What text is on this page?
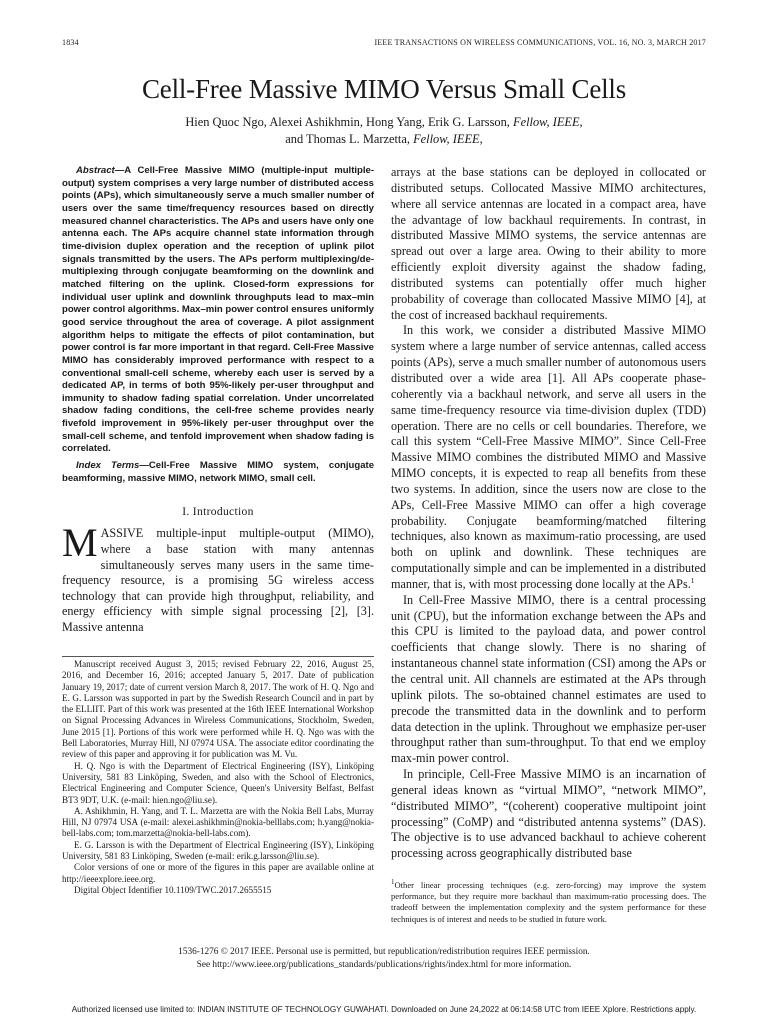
1834	IEEE TRANSACTIONS ON WIRELESS COMMUNICATIONS, VOL. 16, NO. 3, MARCH 2017
Cell-Free Massive MIMO Versus Small Cells
Hien Quoc Ngo, Alexei Ashikhmin, Hong Yang, Erik G. Larsson, Fellow, IEEE,
and Thomas L. Marzetta, Fellow, IEEE,

Abstract—A Cell-Free Massive MIMO (multiple-input multiple-output) system comprises a very large number of distributed access points (APs), which simultaneously serve a much smaller number of users over the same time/frequency resources based on directly measured channel characteristics. The APs and users have only one antenna each. The APs acquire channel state information through time-division duplex operation and the reception of uplink pilot signals transmitted by the users. The APs perform multiplexing/de-multiplexing through conjugate beamforming on the downlink and matched filtering on the uplink. Closed-form expressions for individual user uplink and downlink throughputs lead to max–min power control algorithms. Max–min power control ensures uniformly good service throughout the area of coverage. A pilot assignment algorithm helps to mitigate the effects of pilot contamination, but power control is far more important in that regard. Cell-Free Massive MIMO has considerably improved performance with respect to a conventional small-cell scheme, whereby each user is served by a dedicated AP, in terms of both 95%-likely per-user throughput and immunity to shadow fading spatial correlation. Under uncorrelated shadow fading conditions, the cell-free scheme provides nearly fivefold improvement in 95%-likely per-user throughput over the small-cell scheme, and tenfold improvement when shadow fading is correlated.

Index Terms—Cell-Free Massive MIMO system, conjugate beamforming, massive MIMO, network MIMO, small cell.

I. Introduction

MASSIVE multiple-input multiple-output (MIMO), where a base station with many antennas simultaneously serves many users in the same time-frequency resource, is a promising 5G wireless access technology that can provide high throughput, reliability, and energy efficiency with simple signal processing [2], [3]. Massive antenna

Manuscript received August 3, 2015; revised February 22, 2016, August 25, 2016, and December 16, 2016; accepted January 5, 2017. Date of publication January 19, 2017; date of current version March 8, 2017. The work of H. Q. Ngo and E. G. Larsson was supported in part by the Swedish Research Council and in part by the ELLIIT. Part of this work was presented at the 16th IEEE International Workshop on Signal Processing Advances in Wireless Communications, Stockholm, Sweden, June 2015 [1]. Portions of this work were performed while H. Q. Ngo was with the Bell Laboratories, Murray Hill, NJ 07974 USA. The associate editor coordinating the review of this paper and approving it for publication was M. Vu.

H. Q. Ngo is with the Department of Electrical Engineering (ISY), Linköping University, 581 83 Linköping, Sweden, and also with the School of Electronics, Electrical Engineering and Computer Science, Queen's University Belfast, Belfast BT3 9DT, U.K. (e-mail: hien.ngo@liu.se).

A. Ashikhmin, H. Yang, and T. L. Marzetta are with the Nokia Bell Labs, Murray Hill, NJ 07974 USA (e-mail: alexei.ashikhmin@nokia-belllabs.com; h.yang@nokia-bell-labs.com; tom.marzetta@nokia-bell-labs.com).

E. G. Larsson is with the Department of Electrical Engineering (ISY), Linköping University, 581 83 Linköping, Sweden (e-mail: erik.g.larsson@liu.se).

Color versions of one or more of the figures in this paper are available online at http://ieeexplore.ieee.org.

Digital Object Identifier 10.1109/TWC.2017.2655515

arrays at the base stations can be deployed in collocated or distributed setups. Collocated Massive MIMO architectures, where all service antennas are located in a compact area, have the advantage of low backhaul requirements. In contrast, in distributed Massive MIMO systems, the service antennas are spread out over a large area. Owing to their ability to more efficiently exploit diversity against the shadow fading, distributed systems can potentially offer much higher probability of coverage than collocated Massive MIMO [4], at the cost of increased backhaul requirements.

In this work, we consider a distributed Massive MIMO system where a large number of service antennas, called access points (APs), serve a much smaller number of autonomous users distributed over a wide area [1]. All APs cooperate phase-coherently via a backhaul network, and serve all users in the same time-frequency resource via time-division duplex (TDD) operation. There are no cells or cell boundaries. Therefore, we call this system “Cell-Free Massive MIMO”. Since Cell-Free Massive MIMO combines the distributed MIMO and Massive MIMO concepts, it is expected to reap all benefits from these two systems. In addition, since the users now are close to the APs, Cell-Free Massive MIMO can offer a high coverage probability. Conjugate beamforming/matched filtering techniques, also known as maximum-ratio processing, are used both on uplink and downlink. These techniques are computationally simple and can be implemented in a distributed manner, that is, with most processing done locally at the APs.$^1$

In Cell-Free Massive MIMO, there is a central processing unit (CPU), but the information exchange between the APs and this CPU is limited to the payload data, and power control coefficients that change slowly. There is no sharing of instantaneous channel state information (CSI) among the APs or the central unit. All channels are estimated at the APs through uplink pilots. The so-obtained channel estimates are used to precode the transmitted data in the downlink and to perform data detection in the uplink. Throughout we emphasize per-user throughput rather than sum-throughput. To that end we employ max-min power control.

In principle, Cell-Free Massive MIMO is an incarnation of general ideas known as “virtual MIMO”, “network MIMO”, “distributed MIMO”, “(coherent) cooperative multipoint joint processing” (CoMP) and “distributed antenna systems” (DAS). The objective is to use advanced backhaul to achieve coherent processing across geographically distributed base

$^1$Other linear processing techniques (e.g. zero-forcing) may improve the system performance, but they require more backhaul than maximum-ratio processing does. The tradeoff between the implementation complexity and the system performance for these techniques is of interest and needs to be studied in future work.
1536-1276 © 2017 IEEE. Personal use is permitted, but republication/redistribution requires IEEE permission.
See http://www.ieee.org/publications_standards/publications/rights/index.html for more information.
Authorized licensed use limited to: INDIAN INSTITUTE OF TECHNOLOGY GUWAHATI. Downloaded on June 24,2022 at 06:14:58 UTC from IEEE Xplore. Restrictions apply.
